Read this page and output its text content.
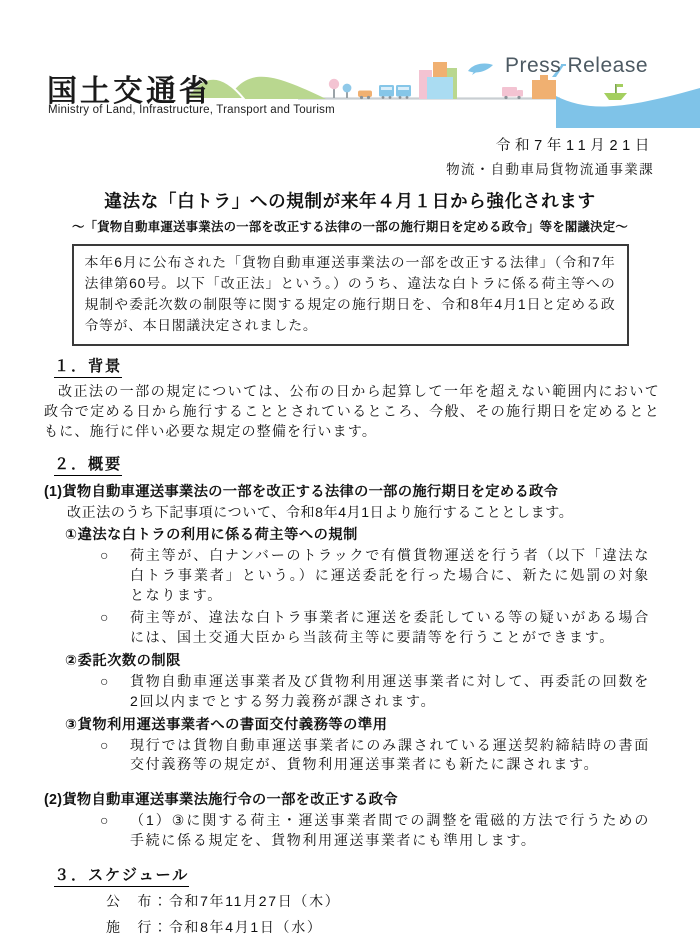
国土交通省
Ministry of Land, Infrastructure, Transport and Tourism
Press Release
令和7年11月21日
物流・自動車局貨物流通事業課
違法な「白トラ」への規制が来年４月１日から強化されます
～「貨物自動車運送事業法の一部を改正する法律の一部の施行期日を定める政令」等を閣議決定～
本年6月に公布された「貨物自動車運送事業法の一部を改正する法律」（令和7年法律第60号。以下「改正法」という。）のうち、違法な白トラに係る荷主等への規制や委託次数の制限等に関する規定の施行期日を、令和8年4月1日と定める政令等が、本日閣議決定されました。
１．背景

改正法の一部の規定については、公布の日から起算して一年を超えない範囲内において政令で定める日から施行することとされているところ、今般、その施行期日を定めるとともに、施行に伴い必要な規定の整備を行います。

２．概要
(1)貨物自動車運送事業法の一部を改正する法律の一部の施行期日を定める政令
改正法のうち下記事項について、令和8年4月1日より施行することとします。
①違法な白トラの利用に係る荷主等への規制
○	荷主等が、白ナンバーのトラックで有償貨物運送を行う者（以下「違法な白トラ事業者」という。）に運送委託を行った場合に、新たに処罰の対象となります。
○	荷主等が、違法な白トラ事業者に運送を委託している等の疑いがある場合には、国土交通大臣から当該荷主等に要請等を行うことができます。
②委託次数の制限
○	貨物自動車運送事業者及び貨物利用運送事業者に対して、再委託の回数を2回以内までとする努力義務が課されます。
③貨物利用運送事業者への書面交付義務等の準用
○	現行では貨物自動車運送事業者にのみ課されている運送契約締結時の書面交付義務等の規定が、貨物利用運送事業者にも新たに課されます。
(2)貨物自動車運送事業法施行令の一部を改正する政令
○	（1）③に関する荷主・運送事業者間での調整を電磁的方法で行うための手続に係る規定を、貨物利用運送事業者にも準用します。
３．スケジュール
公　布：令和7年11月27日（木）
施　行：令和8年4月1日（水）
